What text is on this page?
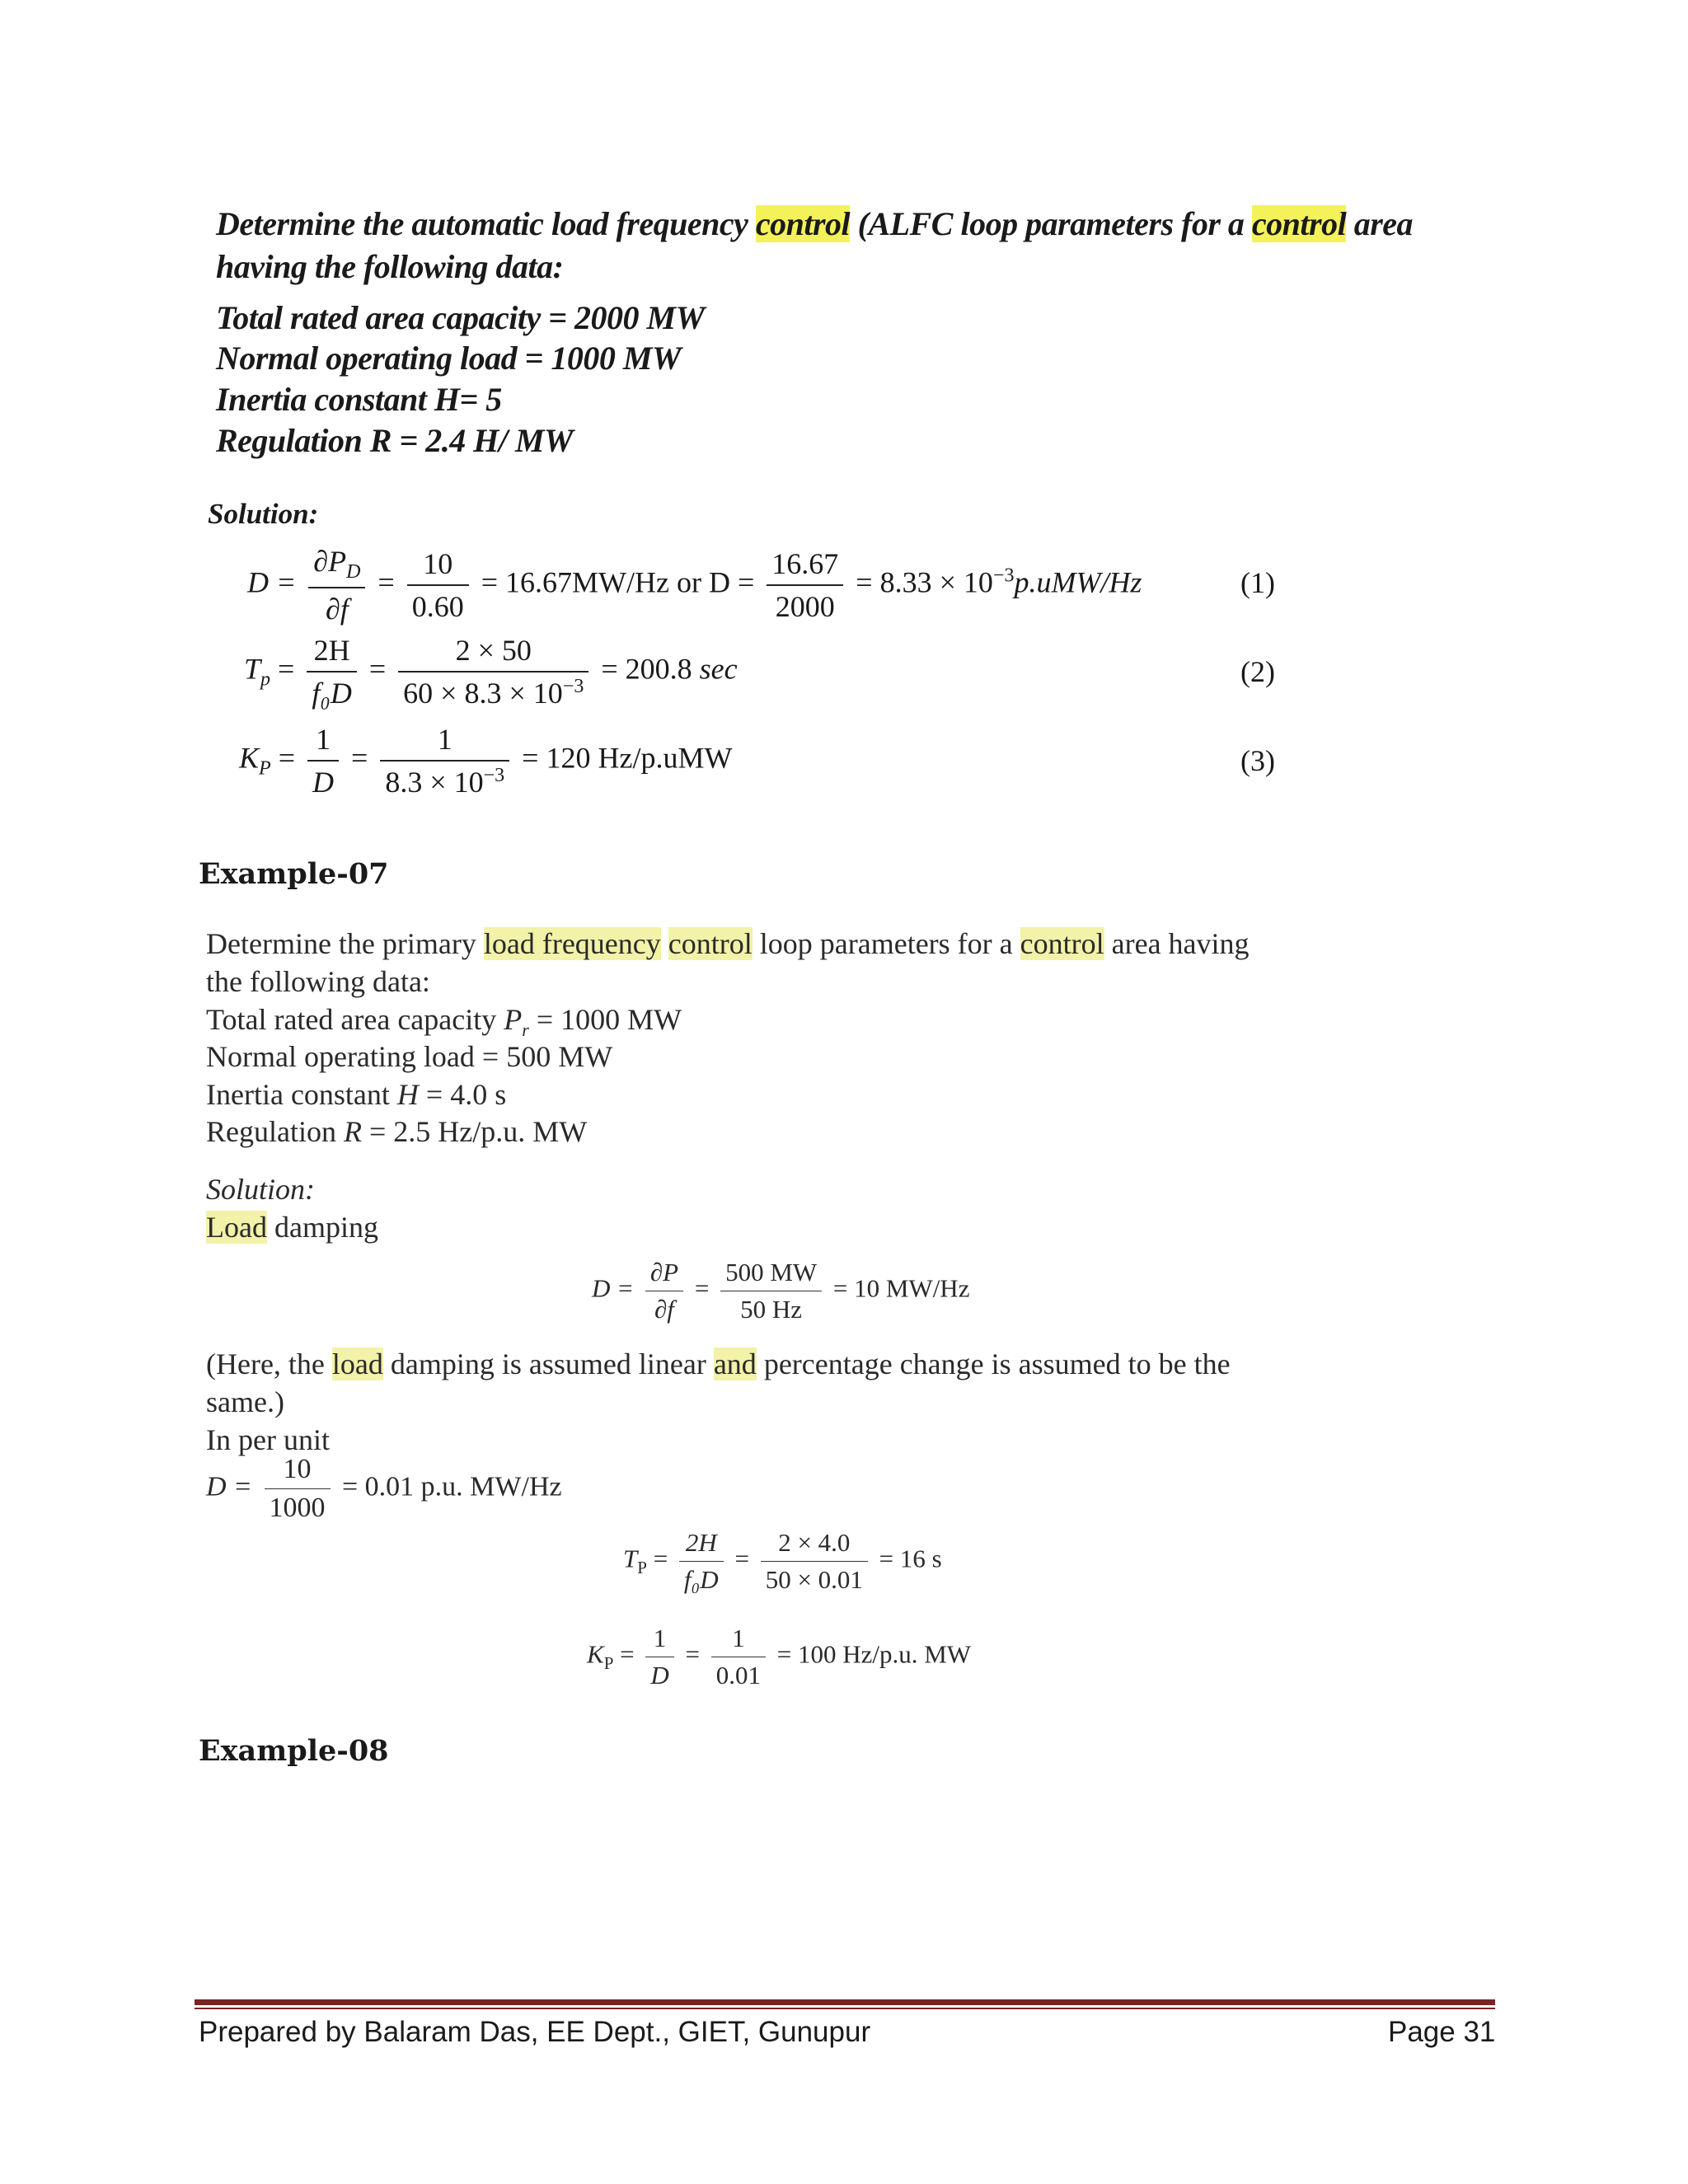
Determine the automatic load frequency control (ALFC loop parameters for a control area
having the following data:
Total rated area capacity = 2000 MW
Normal operating load = 1000 MW
Inertia constant H= 5
Regulation R = 2.4 H/ MW
Solution:
$D = \frac{\partial P_D}{\partial f} = \frac{10}{0.60} = 16.67MW/Hz$ or $D = \frac{16.67}{2000} = 8.33 \times 10^{-3}p.uMW/Hz$	(1)
$T_p = \frac{2H}{\text{f₀D}} = \frac{2 \times 50}{60 \times 8.3 \times 10^{-3}} = 200.8$ sec	(2)
$K_P = \frac{1}{D} = \frac{1}{8.3 \times 10^{-3}} = 120$ Hz/p.uMW	(3)
Example-07
Determine the primary load frequency control loop parameters for a control area having
the following data:
Total rated area capacity $P_r = 1000$ MW
Normal operating load = 500 MW
Inertia constant H = 4.0 s
Regulation R = 2.5 Hz/p.u. MW
Solution:
Load damping
$D = \frac{\partial P}{\partial f} = \frac{500 MW}{50 Hz} = 10$ MW/Hz
(Here, the load damping is assumed linear and percentage change is assumed to be the
same.)
In per unit
$D = \frac{10}{1000} = 0.01$ p.u. MW/Hz
$T_P = \frac{2H}{\text{f₀D}} = \frac{2 \times 4.0}{50 \times 0.01} = 16$ s
$K_P = \frac{1}{D} = \frac{1}{0.01} = 100$ Hz/p.u. MW
Example-08
Prepared by Balaram Das, EE Dept., GIET, Gunupur	Page 31
